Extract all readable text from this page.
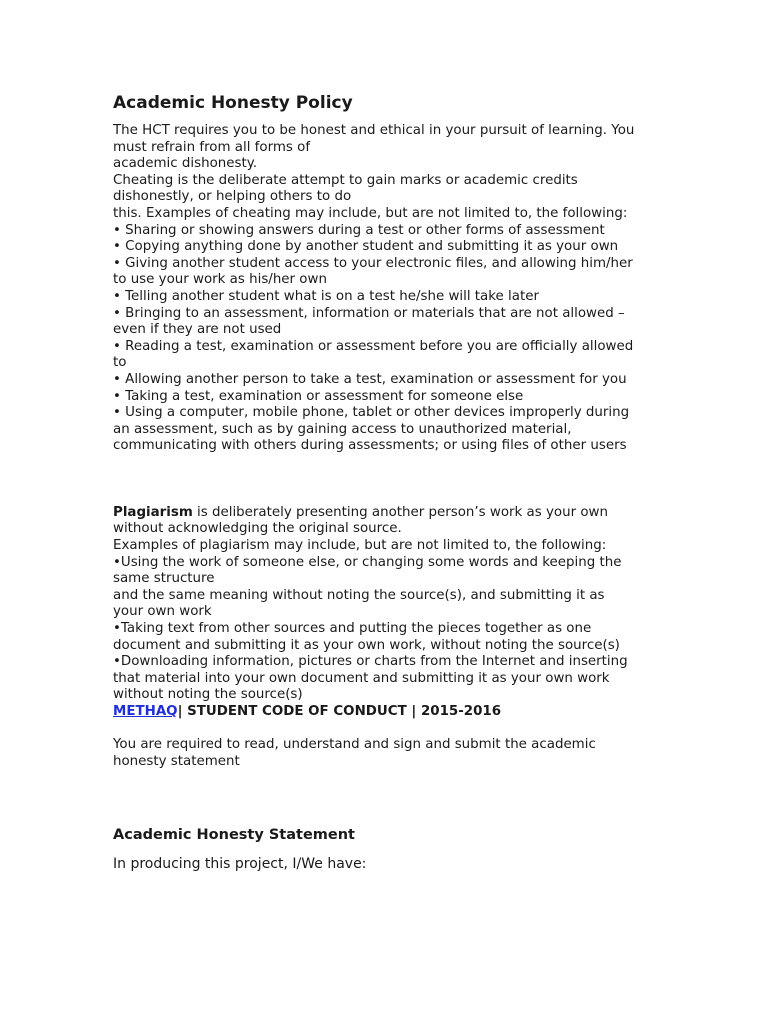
Academic Honesty Policy

The HCT requires you to be honest and ethical in your pursuit of learning. You
must refrain from all forms of
academic dishonesty.
Cheating is the deliberate attempt to gain marks or academic credits
dishonestly, or helping others to do
this. Examples of cheating may include, but are not limited to, the following:
• Sharing or showing answers during a test or other forms of assessment
• Copying anything done by another student and submitting it as your own
• Giving another student access to your electronic files, and allowing him/her
to use your work as his/her own
• Telling another student what is on a test he/she will take later
• Bringing to an assessment, information or materials that are not allowed –
even if they are not used
• Reading a test, examination or assessment before you are officially allowed
to
• Allowing another person to take a test, examination or assessment for you
• Taking a test, examination or assessment for someone else
• Using a computer, mobile phone, tablet or other devices improperly during
an assessment, such as by gaining access to unauthorized material,
communicating with others during assessments; or using files of other users

Plagiarism is deliberately presenting another person’s work as your own
without acknowledging the original source.
Examples of plagiarism may include, but are not limited to, the following:
•Using the work of someone else, or changing some words and keeping the
same structure
and the same meaning without noting the source(s), and submitting it as
your own work
•Taking text from other sources and putting the pieces together as one
document and submitting it as your own work, without noting the source(s)
•Downloading information, pictures or charts from the Internet and inserting
that material into your own document and submitting it as your own work
without noting the source(s)
METHAQ| STUDENT CODE OF CONDUCT | 2015-2016

You are required to read, understand and sign and submit the academic
honesty statement

Academic Honesty Statement

In producing this project, I/We have:
